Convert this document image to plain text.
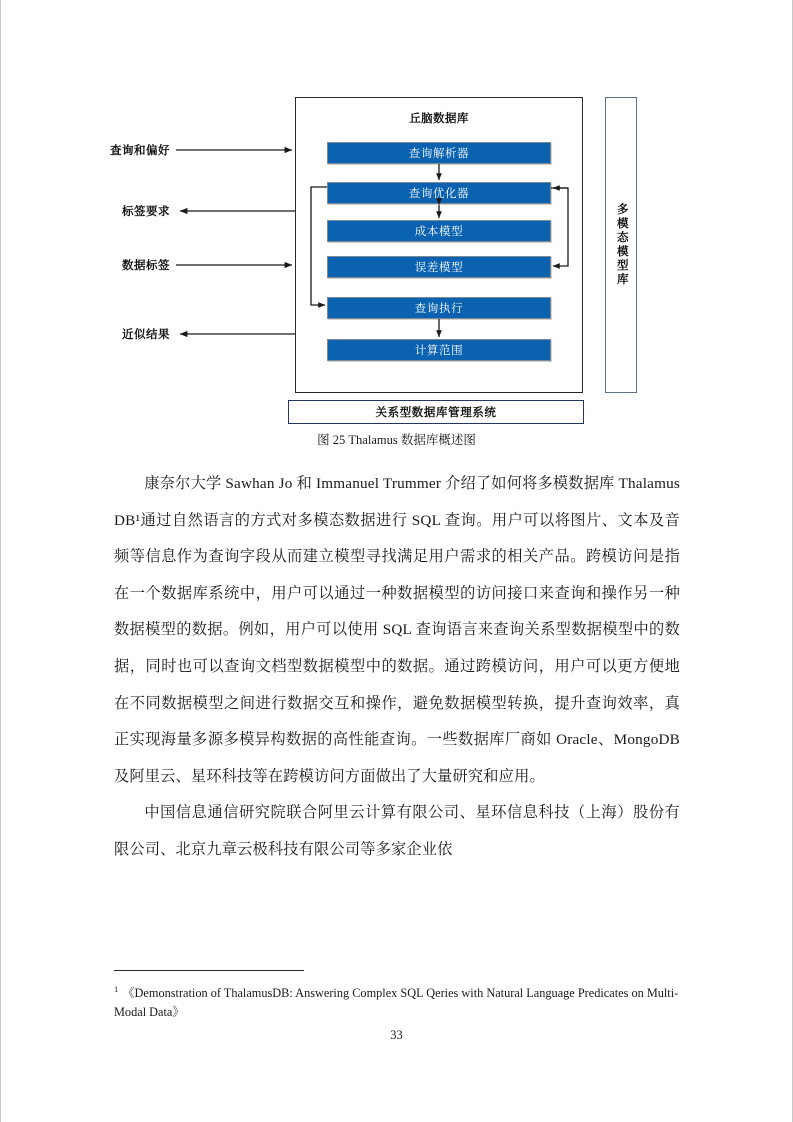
丘脑数据库
查询解析器
查询优化器
成本模型
误差模型
查询执行
计算范围
关系型数据库管理系统
多模态模型库
查询和偏好
标签要求
数据标签
近似结果
图 25 Thalamus 数据库概述图

康奈尔大学 Sawhan Jo 和 Immanuel Trummer 介绍了如何将多模数据库 Thalamus DB¹通过自然语言的方式对多模态数据进行 SQL 查询。用户可以将图片、文本及音频等信息作为查询字段从而建立模型寻找满足用户需求的相关产品。跨模访问是指在一个数据库系统中，用户可以通过一种数据模型的访问接口来查询和操作另一种数据模型的数据。例如，用户可以使用 SQL 查询语言来查询关系型数据模型中的数据，同时也可以查询文档型数据模型中的数据。通过跨模访问，用户可以更方便地在不同数据模型之间进行数据交互和操作，避免数据模型转换，提升查询效率，真正实现海量多源多模异构数据的高性能查询。一些数据库厂商如 Oracle、MongoDB 及阿里云、星环科技等在跨模访问方面做出了大量研究和应用。

中国信息通信研究院联合阿里云计算有限公司、星环信息科技（上海）股份有限公司、北京九章云极科技有限公司等多家企业依

$^1$ 《Demonstration of ThalamusDB: Answering Complex SQL Qeries with Natural Language Predicates on Multi-Modal Data》
33
